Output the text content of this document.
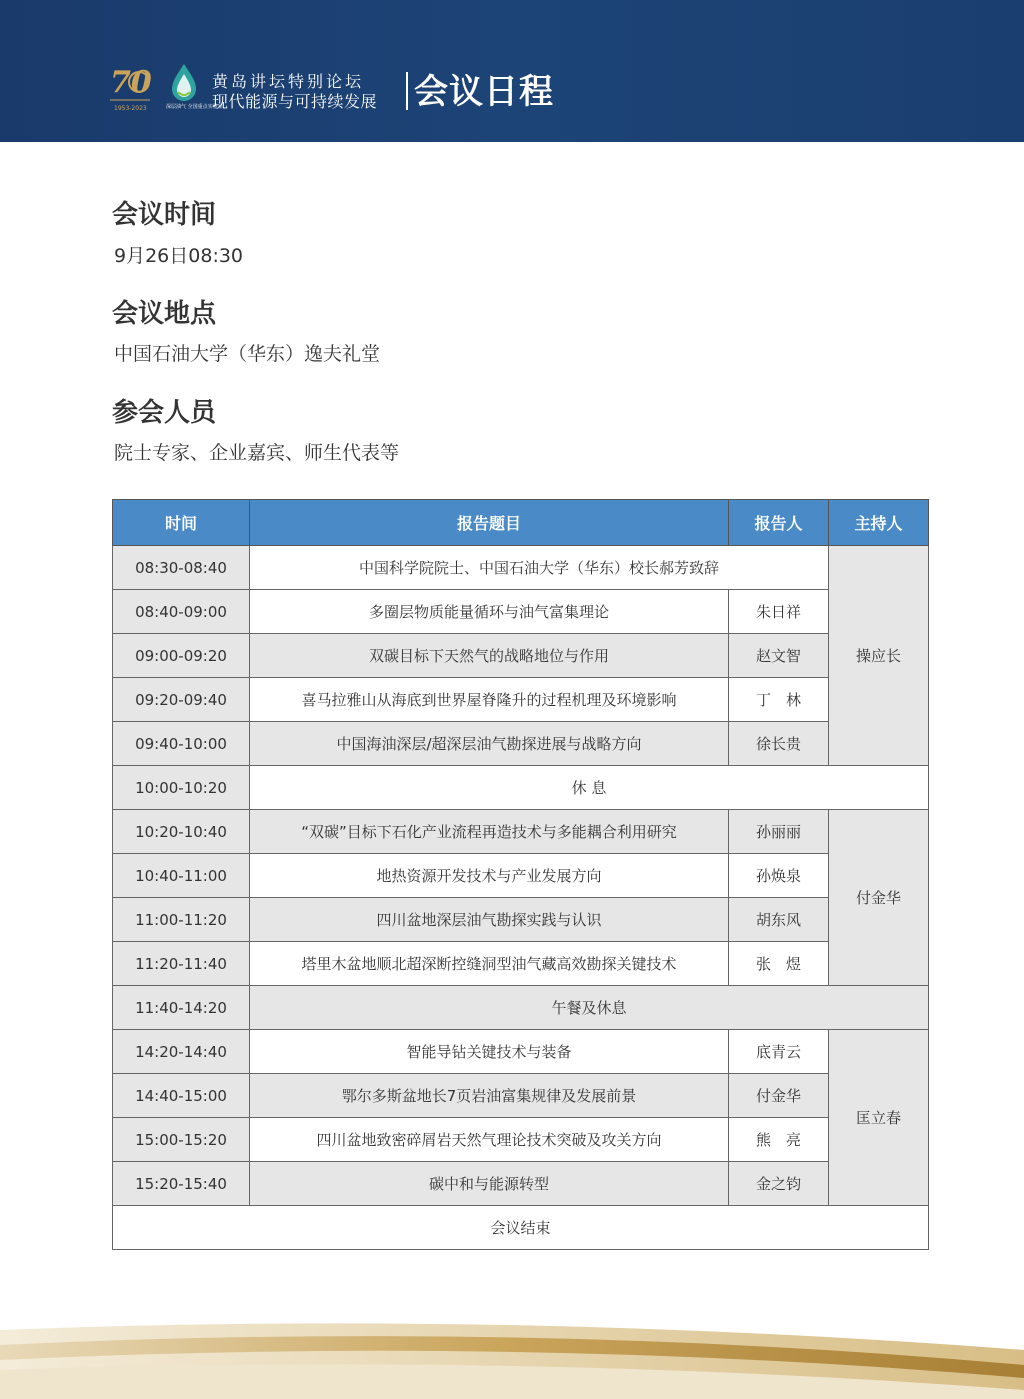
70
1953-2023	深层油气 全国重点实验室
黄岛讲坛特别论坛
现代能源与可持续发展 会议日程
会议时间
9月26日08:30
会议地点
中国石油大学（华东）逸夫礼堂
参会人员
院士专家、企业嘉宾、师生代表等
时间	报告题目	报告人	主持人
08:30-08:40	中国科学院院士、中国石油大学（华东）校长郝芳致辞		操应长
08:40-09:00	多圈层物质能量循环与油气富集理论	朱日祥	
09:00-09:20	双碳目标下天然气的战略地位与作用	赵文智	
09:20-09:40	喜马拉雅山从海底到世界屋脊隆升的过程机理及环境影响	丁　林	
09:40-10:00	中国海油深层/超深层油气勘探进展与战略方向	徐长贵	
10:00-10:20	休 息		
10:20-10:40	“双碳”目标下石化产业流程再造技术与多能耦合利用研究	孙丽丽	付金华
10:40-11:00	地热资源开发技术与产业发展方向	孙焕泉	
11:00-11:20	四川盆地深层油气勘探实践与认识	胡东风	
11:20-11:40	塔里木盆地顺北超深断控缝洞型油气藏高效勘探关键技术	张　煜	
11:40-14:20	午餐及休息		
14:20-14:40	智能导钻关键技术与装备	底青云	匡立春
14:40-15:00	鄂尔多斯盆地长7页岩油富集规律及发展前景	付金华	
15:00-15:20	四川盆地致密碎屑岩天然气理论技术突破及攻关方向	熊　亮	
15:20-15:40	碳中和与能源转型	金之钧	
会议结束			
